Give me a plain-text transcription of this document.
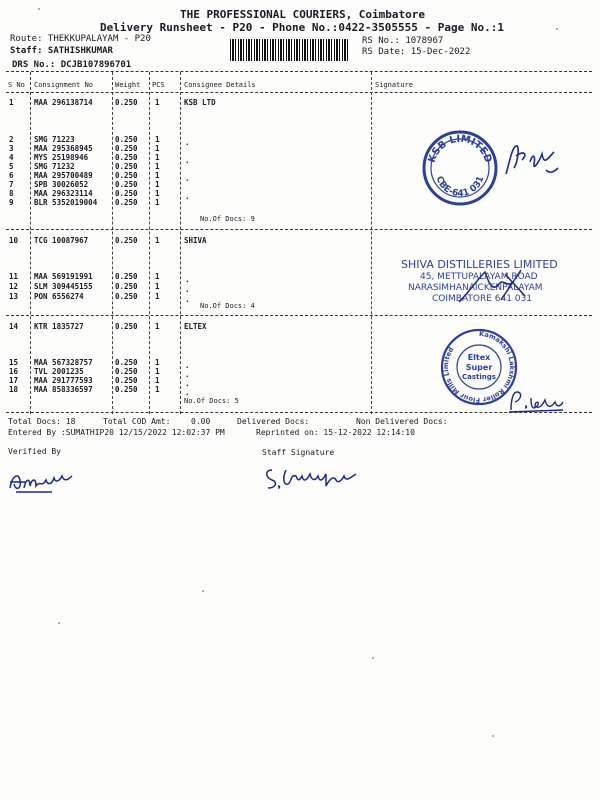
THE PROFESSIONAL COURIERS, Coimbatore
Delivery Runsheet - P20 - Phone No.:0422-3505555 - Page No.:1
Route: THEKKUPALAYAM - P20
Staff: SATHISHKUMAR
DRS No.: DCJB107896701
RS No.: 1078967
RS Date: 15-Dec-2022
S No Consignment No	Weight PCS	Consignee Details	Signature
1	MAA 296138714	0.250 1	KSB LTD
2	SMG 71223	0.250 1
3	MAA 295368945	0.250 1
4	MYS 25198946	0.250 1
5	SMG 71232	0.250 1
6	MAA 295700489	0.250 1
7	SPB 30026052	0.250 1
8	MAA 296323114	0.250 1
9	BLR 5352019004 0.250 1
.
.
.
.
No.Of Docs: 9
10 TCG 10087967	0.250 1	SHIVA
11 MAA 569191991	0.250 1
12 SLM 309445155	0.250 1
13 PON 6556274	0.250 1
.
.
.
No.Of Docs: 4
14 KTR 1835727	0.250 1	ELTEX
15 MAA 567328757	0.250 1
16 TVL 2001235	0.250 1
17 MAA 291777593	0.250 1
18 MAA 858336597	0.250 1
.
.
.
.
No.Of Docs: 5
KSB LIMITED
CBE-641 031
SHIVA DISTILLERIES LIMITED
45, METTUPALAYAM ROAD
NARASIMHANAICKENPALAYAM
COIMBATORE 641 031
Kamakshi Lakshmi Roller Flour Mills Limited
Eltex
Super
Castings
Total Docs: 18	Total COD Amt:	0.00	Delivered Docs:	Non Delivered Docs:
Entered By :SUMATHIP20 12/15/2022 12:02:37 PM	Reprinted on: 15-12-2022 12:14:10
Verified By	Staff Signature
